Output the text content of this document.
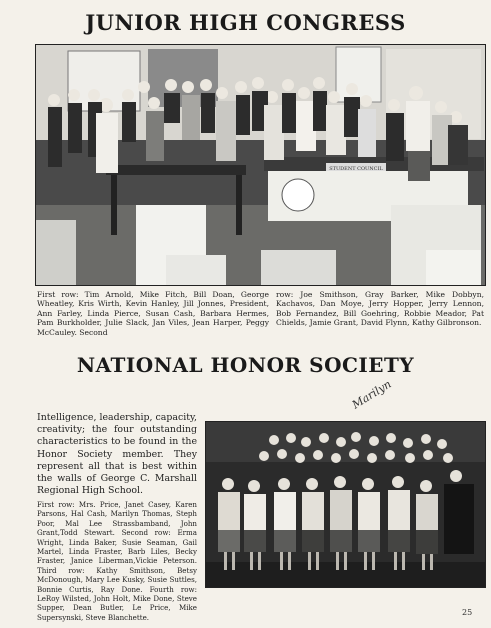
JUNIOR HIGH CONGRESS
STUDENT COUNCIL
First row: Tim Arnold, Mike Fitch, Bill Doan, George Wheatley, Kris Wirth, Kevin Hanley, Jill Jonnes, President, Ann Farley, Linda Pierce, Susan Cash, Barbara Hermes, Pam Burkholder, Julie Slack, Jan Viles, Jean Harper, Peggy McCauley. Second
row: Joe Smithson, Gray Barker, Mike Dobbyn, Kachavos, Dan Moye, Jerry Hopper, Jerry Lennon, Bob Fernandez, Bill Goehring, Robbie Meador, Pat Chields, Jamie Grant, David Flynn, Kathy Gilbronson.
NATIONAL HONOR SOCIETY
Marilyn
Intelligence, leadership, capacity, creativity; the four outstanding characteristics to be found in the Honor Society member. They represent all that is best within the walls of George C. Marshall Regional High School.
First row: Mrs. Price, Janet Casey, Karen Parsons, Hal Cash, Marilyn Thomas, Steph Poor, Mal Lee Strassbamband, John Grant,Todd Stewart. Second row: Erma Wright, Linda Baker, Susie Seaman, Gail Martel, Linda Fraster, Barb Liles, Becky Fraster, Janice Liberman,Vickie Peterson. Third row: Kathy Smithson, Betsy McDonough, Mary Lee Kusky, Susie Suttles, Bonnie Curtis, Ray Done. Fourth row: LeRoy Wilsted, John Holt, Mike Done, Steve Supper, Dean Butler, Le Price, Mike Supersynski, Steve Blanchette.
25
